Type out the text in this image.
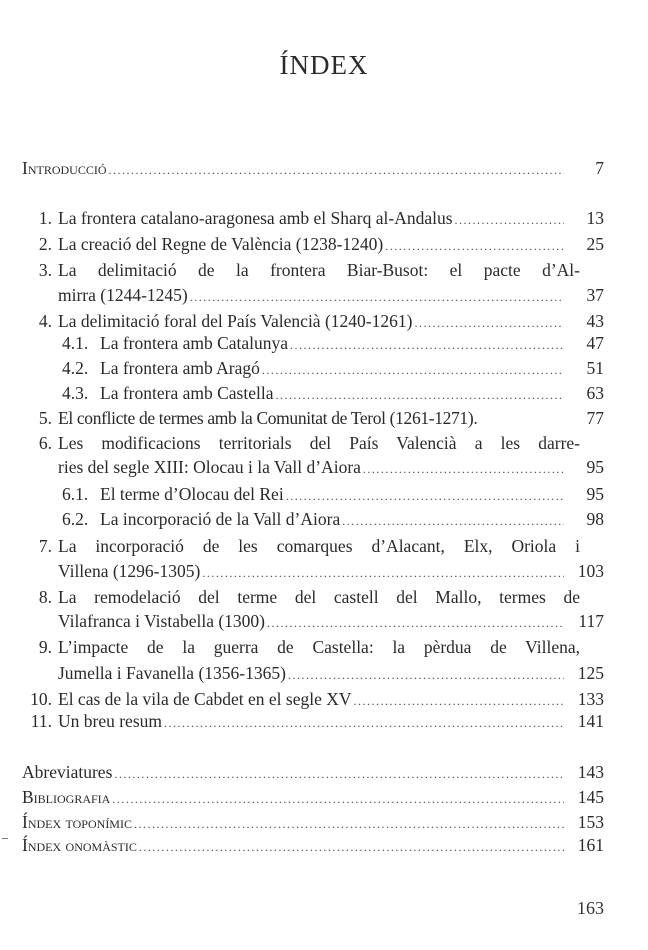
ÍNDEX
Introducció .....	7
1. La frontera catalano-aragonesa amb el Sharq al-Andalus .....	13
2. La creació del Regne de València (1238-1240) .....	25
3. La delimitació de la frontera Biar-Busot: el pacte d’Al-
mirra (1244-1245) .....	37
4. La delimitació foral del País Valencià (1240-1261) .....	43
4.1. La frontera amb Catalunya .....	47
4.2. La frontera amb Aragó .....	51
4.3. La frontera amb Castella .....	63
5. El conflicte de termes amb la Comunitat de Terol (1261-1271).	77
6. Les modificacions territorials del País Valencià a les darre-
ries del segle XIII: Olocau i la Vall d’Aiora .....	95
6.1. El terme d’Olocau del Rei .....	95
6.2. La incorporació de la Vall d’Aiora .....	98
7. La incorporació de les comarques d’Alacant, Elx, Oriola i
Villena (1296-1305) .....	103
8. La remodelació del terme del castell del Mallo, termes de
Vilafranca i Vistabella (1300) .....	117
9. L’impacte de la guerra de Castella: la pèrdua de Villena,
Jumella i Favanella (1356-1365) .....	125
10. El cas de la vila de Cabdet en el segle XV .....	133
11. Un breu resum .....	141
Abreviatures .....	143
Bibliografia .....	145
Índex toponímic .....	153
Índex onomàstic .....	161
163
